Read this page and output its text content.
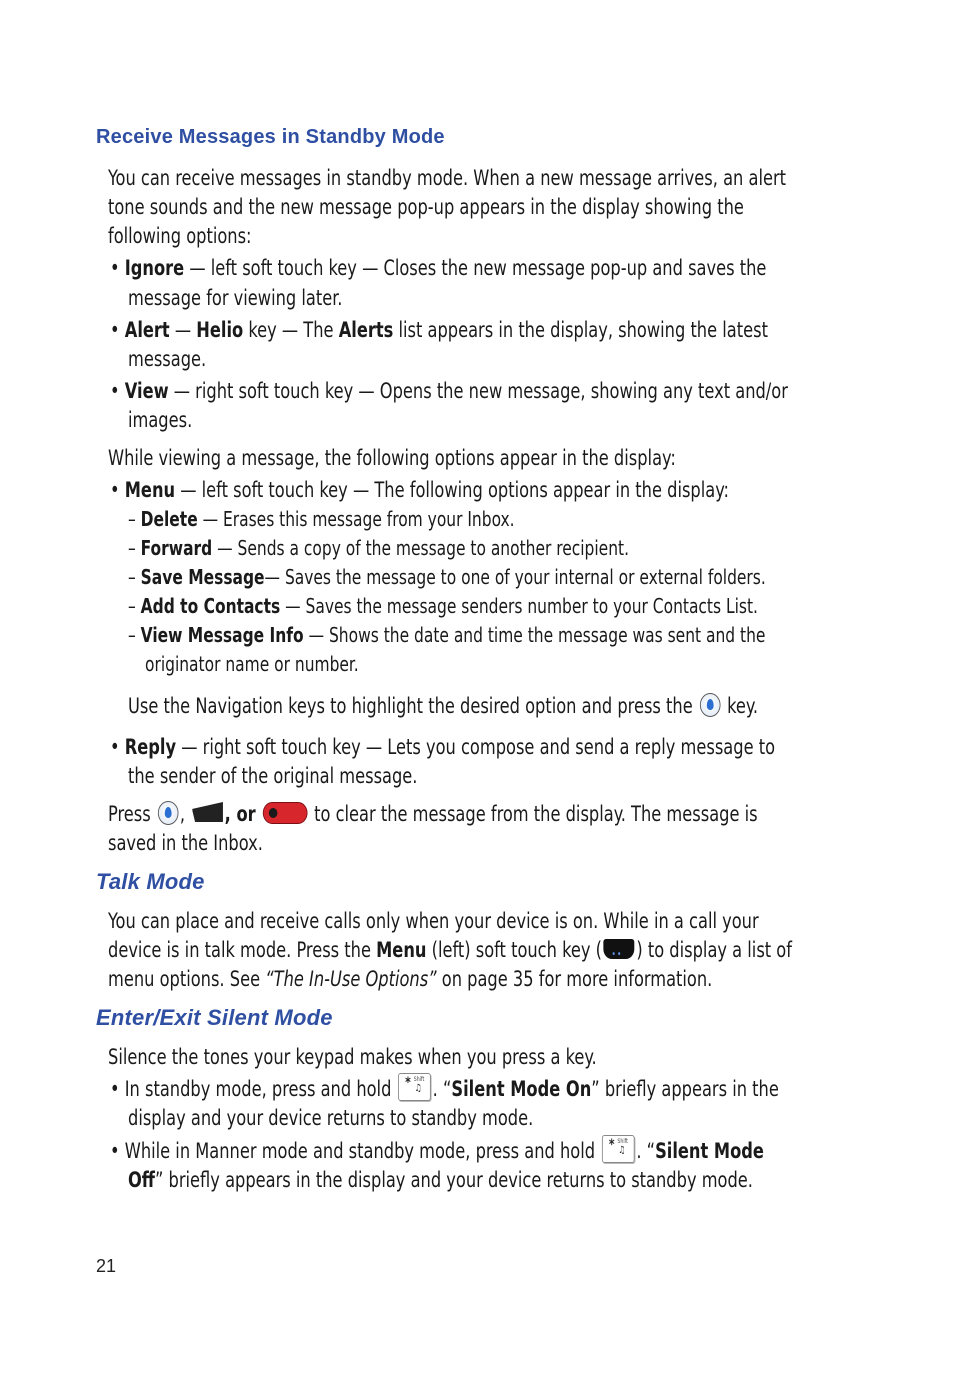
Receive Messages in Standby Mode
You can receive messages in standby mode. When a new message arrives, an alert
tone sounds and the new message pop-up appears in the display showing the
following options:
• Ignore — left soft touch key — Closes the new message pop-up and saves the
message for viewing later.
• Alert — Helio key — The Alerts list appears in the display, showing the latest
message.
• View — right soft touch key — Opens the new message, showing any text and/or
images.
While viewing a message, the following options appear in the display:
• Menu — left soft touch key — The following options appear in the display:
– Delete — Erases this message from your Inbox.
– Forward — Sends a copy of the message to another recipient.
– Save Message— Saves the message to one of your internal or external folders.
– Add to Contacts — Saves the message senders number to your Contacts List.
– View Message Info — Shows the date and time the message was sent and the
originator name or number.
Use the Navigation keys to highlight the desired option and press the key.
• Reply — right soft touch key — Lets you compose and send a reply message to
the sender of the original message.
Press , , or	to clear the message from the display. The message is
saved in the Inbox.
Talk Mode
You can place and receive calls only when your device is on. While in a call your
device is in talk mode. Press the Menu (left) soft touch key (•• ) to display a list of
menu options. See “The In-Use Options” on page 35 for more information.
Enter/Exit Silent Mode
Silence the tones your keypad makes when you press a key.
• In standby mode, press and hold * Shift
♫ . “Silent Mode On” briefly appears in the
display and your device returns to standby mode.
• While in Manner mode and standby mode, press and hold * Shift
♫ . “Silent Mode
Off” briefly appears in the display and your device returns to standby mode.
21
